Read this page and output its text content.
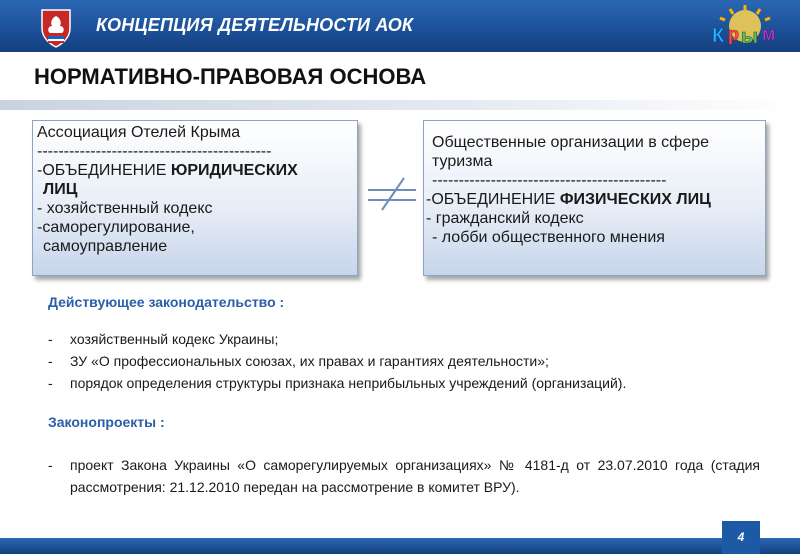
КОНЦЕПЦИЯ ДЕЯТЕЛЬНОСТИ АОК	К р ы м
НОРМАТИВНО-ПРАВОВАЯ ОСНОВА
Ассоциация Отелей Крыма
--------------------------------------------
-ОБЪЕДИНЕНИЕ ЮРИДИЧЕСКИХ
ЛИЦ
- хозяйственный кодекс
-саморегулирование,
самоуправление
Общественные организации в сфере
туризма
--------------------------------------------
-ОБЪЕДИНЕНИЕ ФИЗИЧЕСКИХ ЛИЦ
- гражданский кодекс
- лобби общественного мнения
Действующее законодательство :
- хозяйственный кодекс Украины;
- ЗУ «О профессиональных союзах, их правах и гарантиях деятельности»;
- порядок определения структуры признака неприбыльных учреждений (организаций).
Законопроекты :
- проект Закона Украины «О саморегулируемых организациях» № 4181-д от 23.07.2010 года (стадия рассмотрения: 21.12.2010 передан на рассмотрение в комитет ВРУ).
4
